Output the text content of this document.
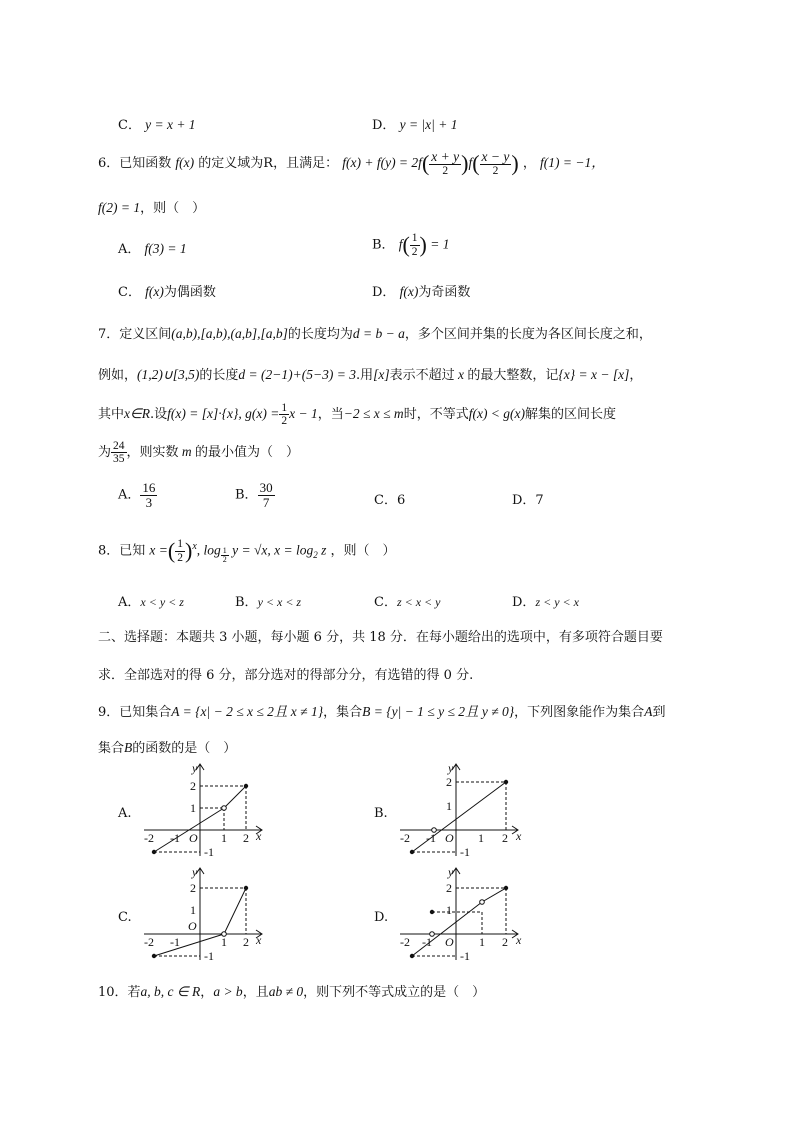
C． y = x + 1	D． y = |x| + 1
6．已知函数 f(x) 的定义域为R，且满足： $f(x) + f(y) = 2f( \frac{x + y}{2} )f( \frac{x - y}{2}$ ) ， f(1) = −1，
f(2) = 1，则（　）
A． f(3) = 1	B． $f( \frac{1}{2}$ ) = 1
C． f(x)为偶函数	D． f(x)为奇函数
7．定义区间(a,b),[a,b),(a,b],[a,b]的长度均为d = b − a，多个区间并集的长度为各区间长度之和，
例如，(1,2)∪[3,5)的长度d = (2−1)+(5−3) = 3.用[x]表示不超过 x 的最大整数，记{x} = x − [x]，
其中x∈R.设f(x) = [x]·{x}, $g(x) = \frac{1}{2}$ x − 1，当−2 ≤ x ≤ m时，不等式f(x) < g(x)解集的区间长度
为 $\frac{24}{35}$ ，则实数 m 的最小值为（　）
A． $\frac{16}{3}$	B． $\frac{30}{7}$	C．6	D．7
8．已知 x =( $\frac{1}{2} )^x$, log $_{\frac{1}{2}}$ y = √x, $x = \log_2 z$ ，则（　）
A．x < y < z	B．y < x < z	C．z < x < y	D．z < y < x
二、选择题：本题共 3 小题，每小题 6 分，共 18 分．在每小题给出的选项中，有多项符合题目要
求．全部选对的得 6 分，部分选对的得部分分，有选错的得 0 分.
9．已知集合A = {x| − 2 ≤ x ≤ 2且 x ≠ 1}，集合B = {y| − 1 ≤ y ≤ 2且 y ≠ 0}，下列图象能作为集合A到
集合B的函数的是（　）
A.	B.
C.	D.
y
x
O
-2 -1	1 2
2
1
-1
y
x
O
-2 -1	1 2
2
1
-1
y
x
O
-2 -1	1 2
2
1
-1
y
x
O
-2 -1	1 2
2
1
-1
10．若a, b, c ∈ R，a > b，且ab ≠ 0，则下列不等式成立的是（　）
